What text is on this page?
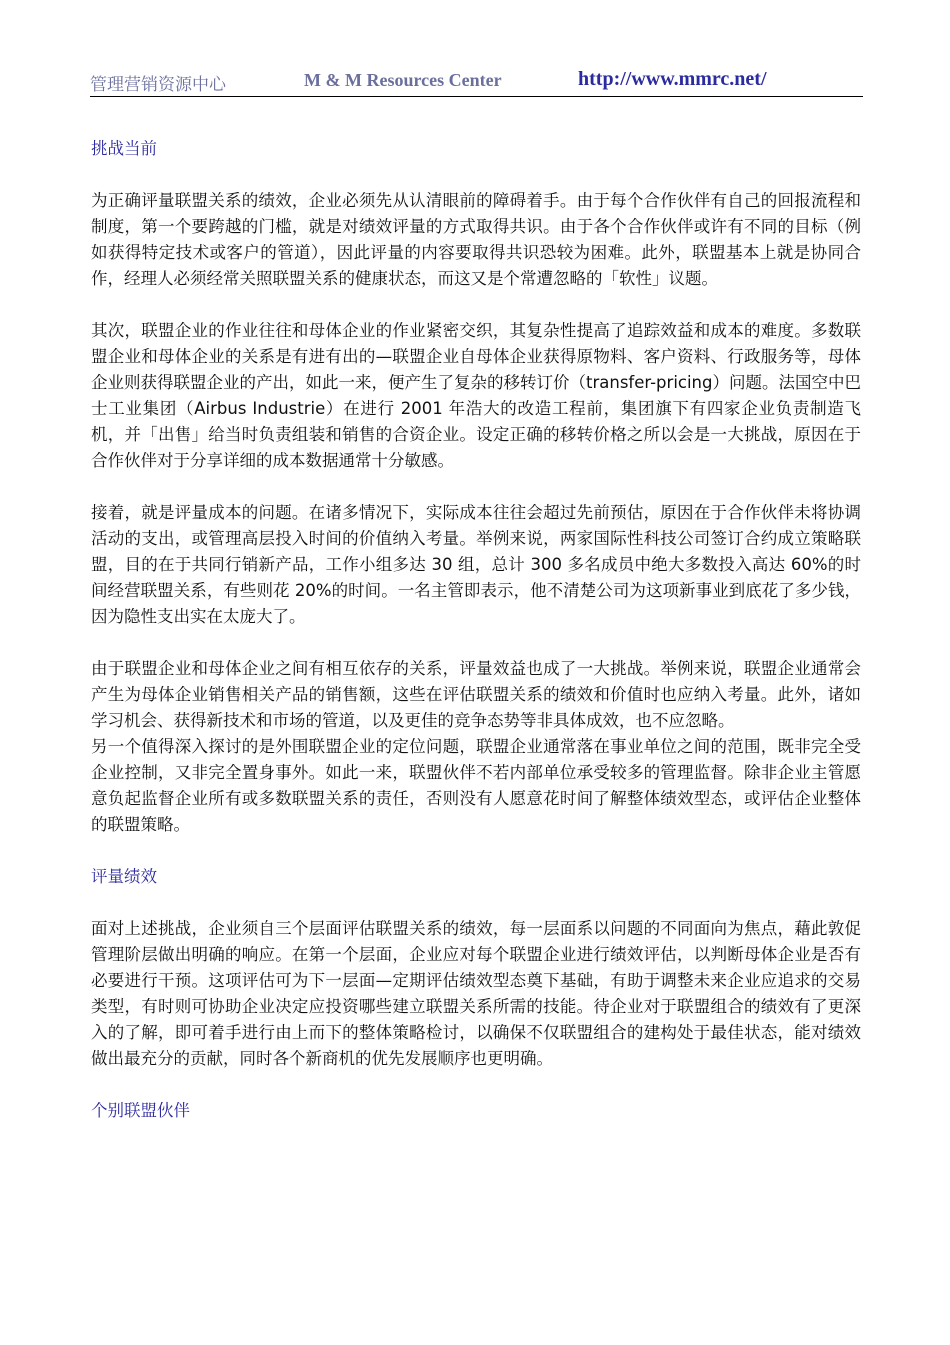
管理营销资源中心	M & M Resources Center	http://www.mmrc.net/
挑战当前

为正确评量联盟关系的绩效，企业必须先从认清眼前的障碍着手。由于每个合作伙伴有自己的回报流程和制度，第一个要跨越的门槛，就是对绩效评量的方式取得共识。由于各个合作伙伴或许有不同的目标（例如获得特定技术或客户的管道），因此评量的内容要取得共识恐较为困难。此外，联盟基本上就是协同合作，经理人必须经常关照联盟关系的健康状态，而这又是个常遭忽略的「软性」议题。

其次，联盟企业的作业往往和母体企业的作业紧密交织，其复杂性提高了追踪效益和成本的难度。多数联盟企业和母体企业的关系是有进有出的—联盟企业自母体企业获得原物料、客户资料、行政服务等，母体企业则获得联盟企业的产出，如此一来，便产生了复杂的移转订价（transfer-pricing）问题。法国空中巴士工业集团（Airbus Industrie）在进行 2001 年浩大的改造工程前，集团旗下有四家企业负责制造飞机，并「出售」给当时负责组装和销售的合资企业。设定正确的移转价格之所以会是一大挑战，原因在于合作伙伴对于分享详细的成本数据通常十分敏感。

接着，就是评量成本的问题。在诸多情况下，实际成本往往会超过先前预估，原因在于合作伙伴未将协调活动的支出，或管理高层投入时间的价值纳入考量。举例来说，两家国际性科技公司签订合约成立策略联盟，目的在于共同行销新产品，工作小组多达 30 组，总计 300 多名成员中绝大多数投入高达 60%的时间经营联盟关系，有些则花 20%的时间。一名主管即表示，他不清楚公司为这项新事业到底花了多少钱，因为隐性支出实在太庞大了。

由于联盟企业和母体企业之间有相互依存的关系，评量效益也成了一大挑战。举例来说，联盟企业通常会产生为母体企业销售相关产品的销售额，这些在评估联盟关系的绩效和价值时也应纳入考量。此外，诸如学习机会、获得新技术和市场的管道，以及更佳的竞争态势等非具体成效，也不应忽略。

另一个值得深入探讨的是外围联盟企业的定位问题，联盟企业通常落在事业单位之间的范围，既非完全受企业控制，又非完全置身事外。如此一来，联盟伙伴不若内部单位承受较多的管理监督。除非企业主管愿意负起监督企业所有或多数联盟关系的责任，否则没有人愿意花时间了解整体绩效型态，或评估企业整体的联盟策略。

评量绩效

面对上述挑战，企业须自三个层面评估联盟关系的绩效，每一层面系以问题的不同面向为焦点，藉此敦促管理阶层做出明确的响应。在第一个层面，企业应对每个联盟企业进行绩效评估，以判断母体企业是否有必要进行干预。这项评估可为下一层面—定期评估绩效型态奠下基础，有助于调整未来企业应追求的交易类型，有时则可协助企业决定应投资哪些建立联盟关系所需的技能。待企业对于联盟组合的绩效有了更深入的了解，即可着手进行由上而下的整体策略检讨，以确保不仅联盟组合的建构处于最佳状态，能对绩效做出最充分的贡献，同时各个新商机的优先发展顺序也更明确。

个别联盟伙伴
